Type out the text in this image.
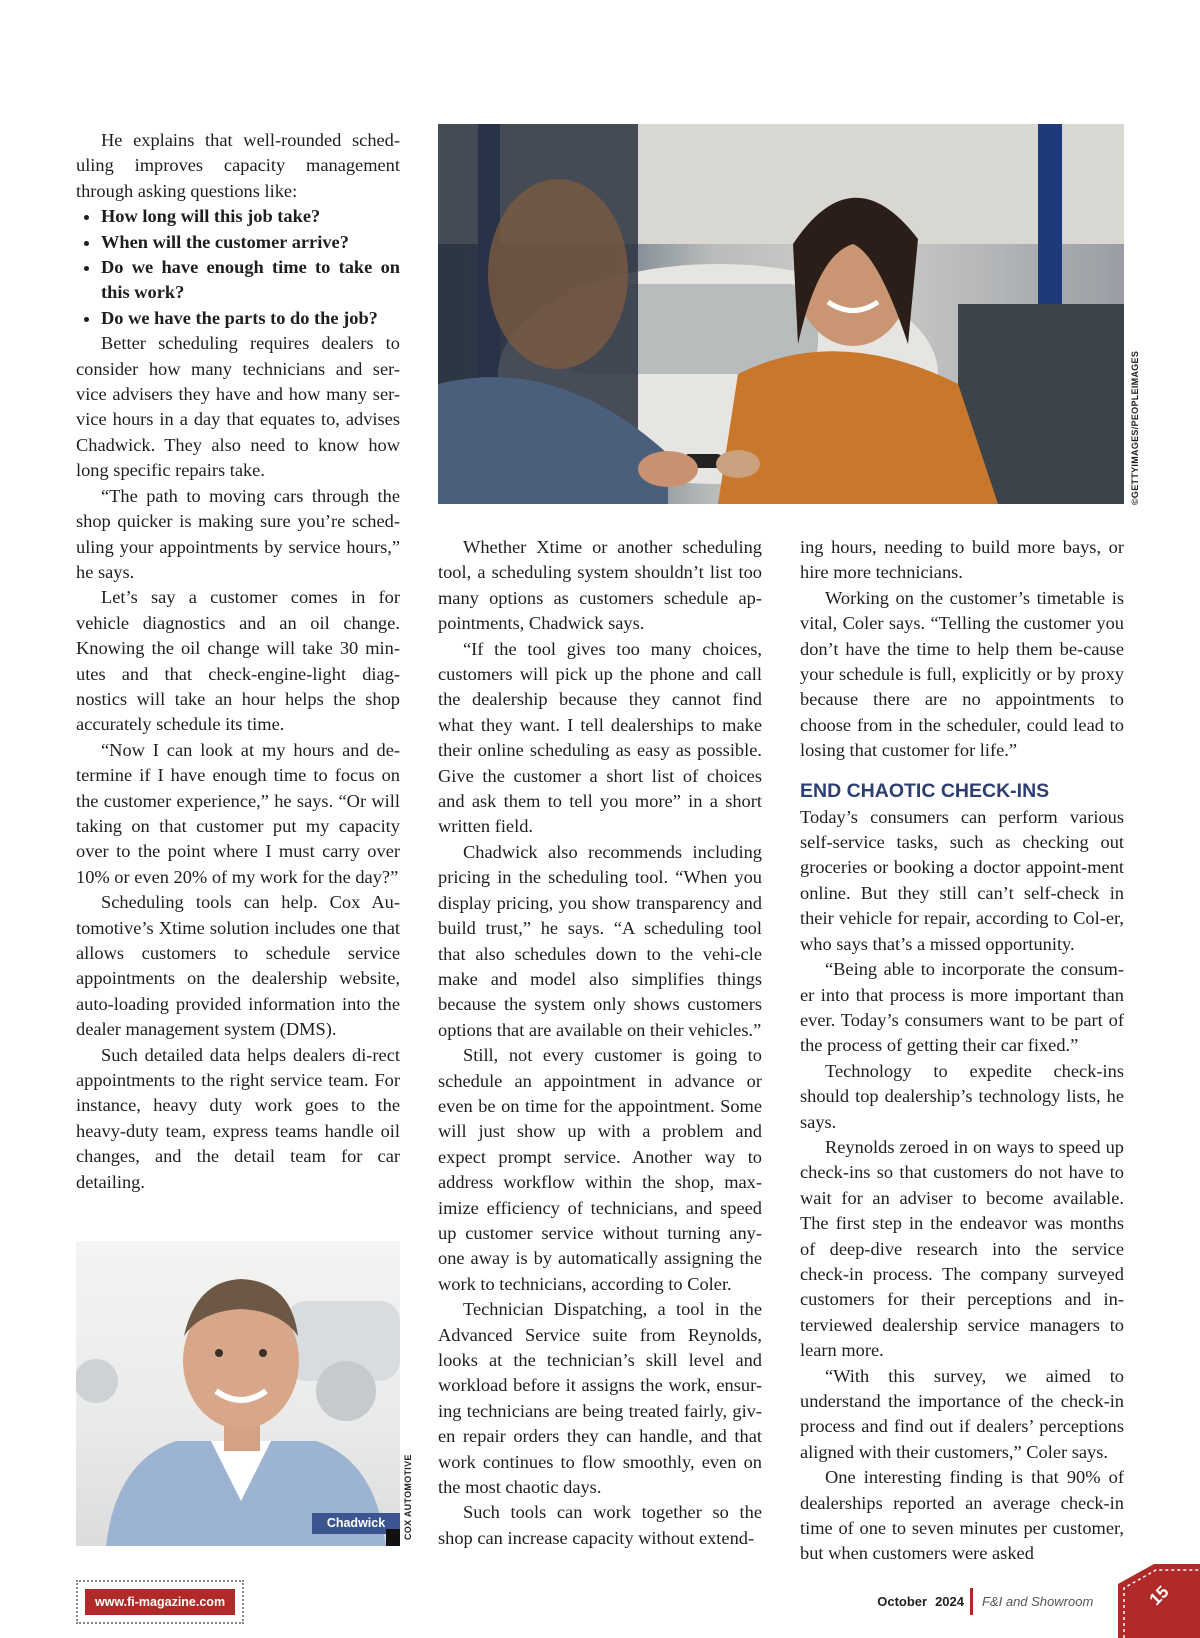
He explains that well-rounded sched-uling improves capacity management through asking questions like:

• How long will this job take?
• When will the customer arrive?
• Do we have enough time to take on this work?
• Do we have the parts to do the job?

Better scheduling requires dealers to consider how many technicians and ser-vice advisers they have and how many ser-vice hours in a day that equates to, advises Chadwick. They also need to know how long specific repairs take.

“The path to moving cars through the shop quicker is making sure you’re sched-uling your appointments by service hours,” he says.

Let’s say a customer comes in for vehicle diagnostics and an oil change. Knowing the oil change will take 30 min-utes and that check-engine-light diag-nostics will take an hour helps the shop accurately schedule its time.

“Now I can look at my hours and de-termine if I have enough time to focus on the customer experience,” he says. “Or will taking on that customer put my capacity over to the point where I must carry over 10% or even 20% of my work for the day?”

Scheduling tools can help. Cox Au-tomotive’s Xtime solution includes one that allows customers to schedule service appointments on the dealership website, auto-loading provided information into the dealer management system (DMS).

Such detailed data helps dealers di-rect appointments to the right service team. For instance, heavy duty work goes to the heavy-duty team, express teams handle oil changes, and the detail team for car detailing.

©GETTYIMAGES/PEOPLEIMAGES

Whether Xtime or another scheduling tool, a scheduling system shouldn’t list too many options as customers schedule ap-pointments, Chadwick says.

“If the tool gives too many choices, customers will pick up the phone and call the dealership because they cannot find what they want. I tell dealerships to make their online scheduling as easy as possible. Give the customer a short list of choices and ask them to tell you more” in a short written field.

Chadwick also recommends including pricing in the scheduling tool. “When you display pricing, you show transparency and build trust,” he says. “A scheduling tool that also schedules down to the vehi-cle make and model also simplifies things because the system only shows customers options that are available on their vehicles.”

Still, not every customer is going to schedule an appointment in advance or even be on time for the appointment. Some will just show up with a problem and expect prompt service. Another way to address workflow within the shop, max-imize efficiency of technicians, and speed up customer service without turning any-one away is by automatically assigning the work to technicians, according to Coler.

Technician Dispatching, a tool in the Advanced Service suite from Reynolds, looks at the technician’s skill level and workload before it assigns the work, ensur-ing technicians are being treated fairly, giv-en repair orders they can handle, and that work continues to flow smoothly, even on the most chaotic days.

Such tools can work together so the shop can increase capacity without extend-

ing hours, needing to build more bays, or hire more technicians.

Working on the customer’s timetable is vital, Coler says. “Telling the customer you don’t have the time to help them be-cause your schedule is full, explicitly or by proxy because there are no appointments to choose from in the scheduler, could lead to losing that customer for life.”

END CHAOTIC CHECK-INS

Today’s consumers can perform various self-service tasks, such as checking out groceries or booking a doctor appoint-ment online. But they still can’t self-check in their vehicle for repair, according to Col-er, who says that’s a missed opportunity.

“Being able to incorporate the consum-er into that process is more important than ever. Today’s consumers want to be part of the process of getting their car fixed.”

Technology to expedite check-ins should top dealership’s technology lists, he says.

Reynolds zeroed in on ways to speed up check-ins so that customers do not have to wait for an adviser to become available. The first step in the endeavor was months of deep-dive research into the service check-in process. The company surveyed customers for their perceptions and in-terviewed dealership service managers to learn more.

“With this survey, we aimed to understand the importance of the check-in process and find out if dealers’ perceptions aligned with their customers,” Coler says.

One interesting finding is that 90% of dealerships reported an average check-in time of one to seven minutes per customer, but when customers were asked

Chadwick	COX AUTOMOTIVE
www.fi-magazine.com	October 2024 F&I and Showroom	15
